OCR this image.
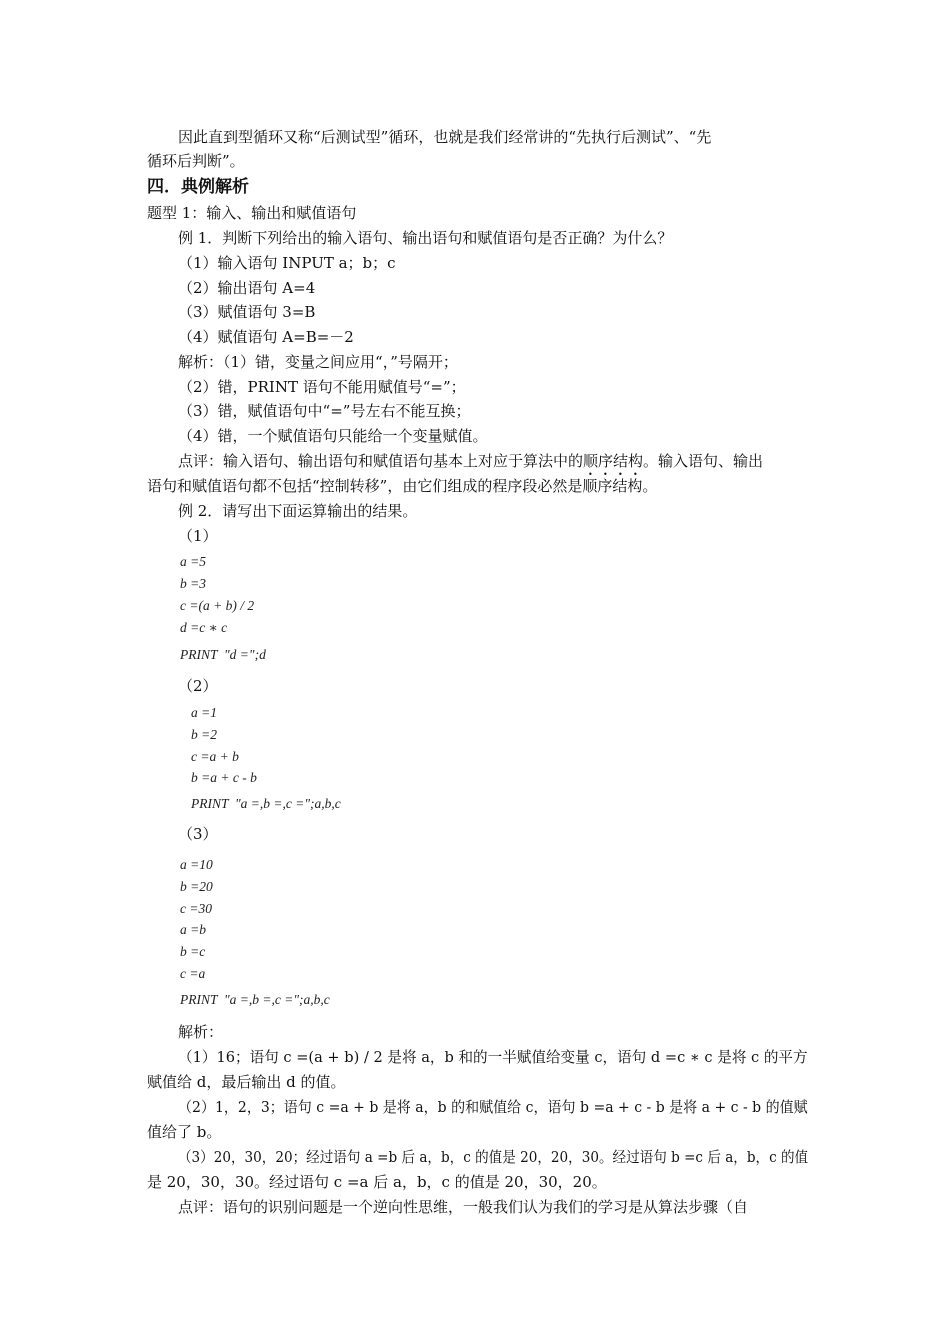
因此直到型循环又称“后测试型”循环，也就是我们经常讲的“先执行后测试”、“先
循环后判断”。
四．典例解析
题型 1：输入、输出和赋值语句
例 1．判断下列给出的输入语句、输出语句和赋值语句是否正确？为什么？
（1）输入语句 INPUT a；b；c
（2）输出语句 A=4
（3）赋值语句 3=B
（4）赋值语句 A=B=－2
解析：（1）错，变量之间应用“，”号隔开；
（2）错，PRINT 语句不能用赋值号“=”；
（3）错，赋值语句中“=”号左右不能互换；
（4）错，一个赋值语句只能给一个变量赋值。
点评：输入语句、输出语句和赋值语句基本上对应于算法中的顺序结构。输入语句、输出
语句和赋值语句都不包括“控制转移”，由它们组成的程序段必然是顺序结构。
例 2．请写出下面运算输出的结果。
（1）
a =5
b =3
c =(a + b) / 2
d =c ∗ c
PRINT  "d =";d
（2）
a =1
b =2
c =a + b
b =a + c - b
PRINT  "a =,b =,c =";a,b,c
（3）
a =10
b =20
c =30
a =b
b =c
c =a
PRINT  "a =,b =,c =";a,b,c
解析：
（1）16；语句 c =(a + b) / 2 是将 a，b 和的一半赋值给变量 c，语句 d =c ∗ c 是将 c 的平方
赋值给 d，最后输出 d 的值。
（2）1，2，3；语句 c =a + b 是将 a，b 的和赋值给 c，语句 b =a + c - b 是将 a + c - b 的值赋
值给了 b。
（3）20，30，20；经过语句 a =b 后 a，b，c 的值是 20，20，30。经过语句 b =c 后 a，b，c 的值
是 20，30，30。经过语句 c =a 后 a，b，c 的值是 20，30，20。
点评：语句的识别问题是一个逆向性思维，一般我们认为我们的学习是从算法步骤（自
